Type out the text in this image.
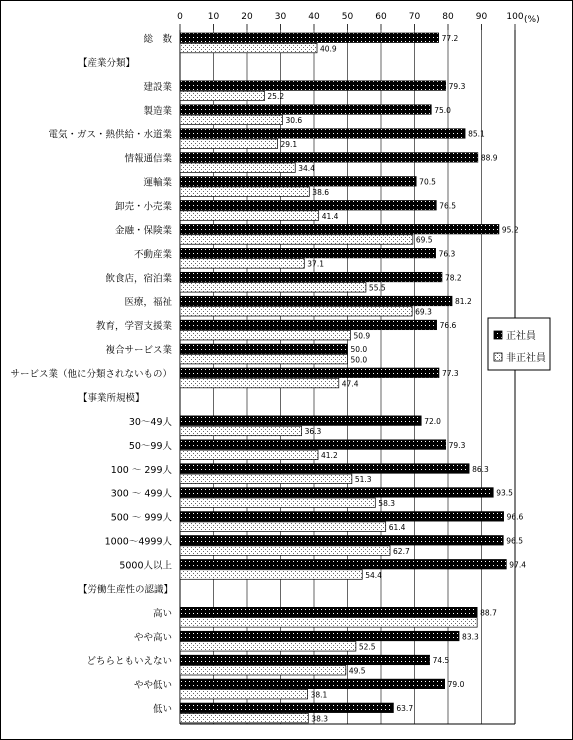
0	10 20 30 40 50 60 70 80 90 100 (%)
総　数
【産業分類】
建設業
製造業
電気・ガス・熱供給・水道業
情報通信業
運輸業
卸売・小売業
金融・保険業
不動産業
飲食店，宿泊業
医療，福祉
教育，学習支援業
複合サービス業
サービス業（他に分類されないもの）
【事業所規模】
30～49人
50～99人
100 ～ 299人
300 ～ 499人
500 ～ 999人
1000～4999人
5000人以上
【労働生産性の認識】
高い
やや高い
どちらともいえない
やや低い
低い
77.2
40.9
79.3
25.2
75.0
30.6
85.1
29.1
88.9
34.4
70.5
38.6
76.5
41.4
95.2
69.5
76.3
37.1
78.2
55.5
81.2
69.3
76.6
50.9
50.0
50.0
77.3
47.4
72.0
36.3
79.3
41.2
86.3
51.3
93.5
58.3
96.6
61.4
96.5
62.7
97.4
54.4
88.7
83.3
52.5
74.5
49.5
79.0
38.1
63.7
38.3
正社員
非正社員
